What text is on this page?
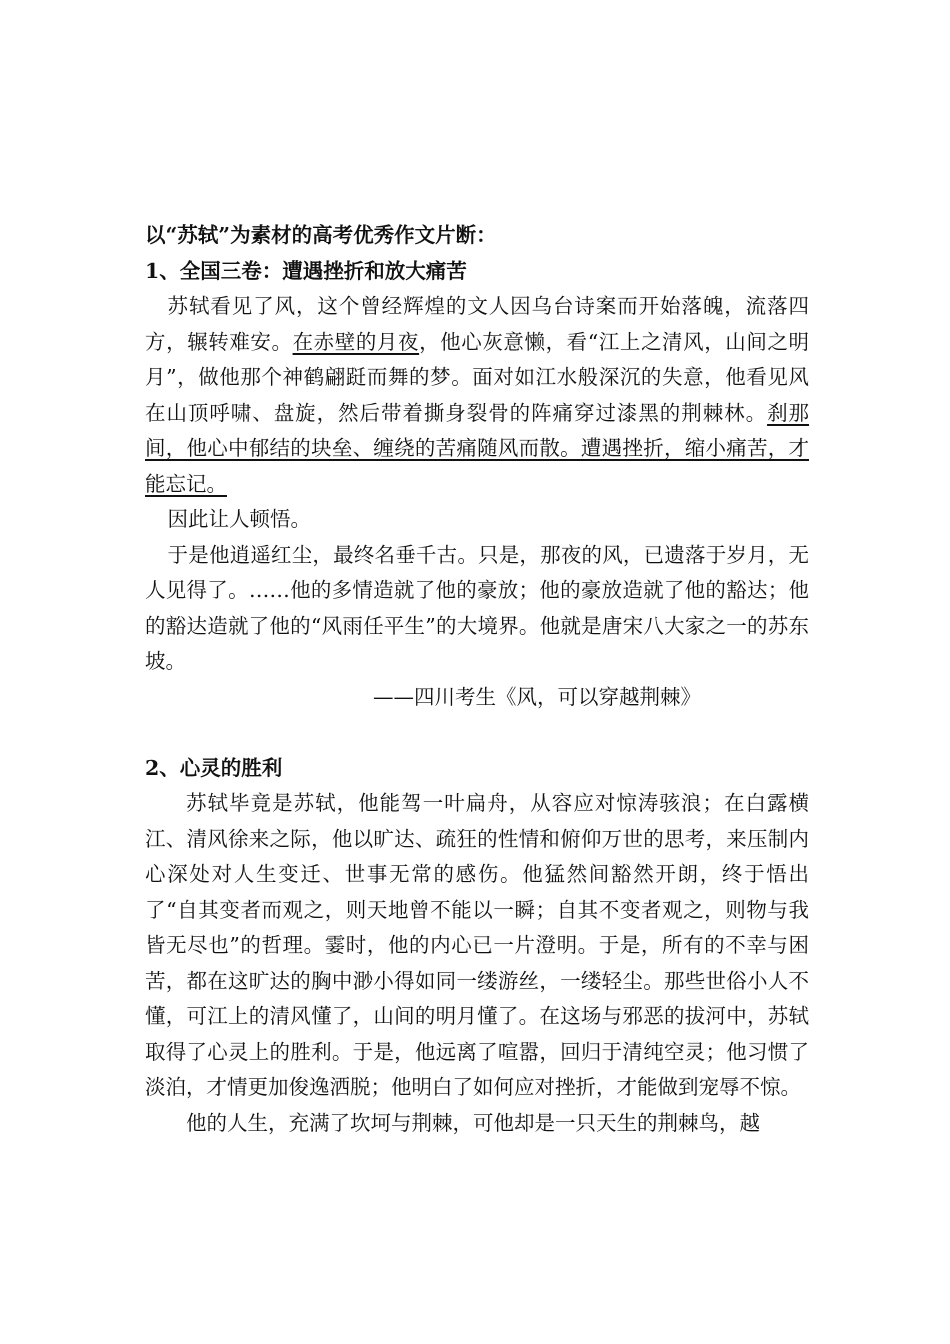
以“苏轼”为素材的高考优秀作文片断：

1、全国三卷：遭遇挫折和放大痛苦

苏轼看见了风，这个曾经辉煌的文人因乌台诗案而开始落魄，流落四方，辗转难安。在赤壁的月夜，他心灰意懒，看“江上之清风，山间之明月”，做他那个神鹤翩跹而舞的梦。面对如江水般深沉的失意，他看见风在山顶呼啸、盘旋，然后带着撕身裂骨的阵痛穿过漆黑的荆棘林。刹那间，他心中郁结的块垒、缠绕的苦痛随风而散。遭遇挫折，缩小痛苦，才能忘记。

因此让人顿悟。

于是他逍遥红尘，最终名垂千古。只是，那夜的风，已遗落于岁月，无人见得了。……他的多情造就了他的豪放；他的豪放造就了他的豁达；他的豁达造就了他的“风雨任平生”的大境界。他就是唐宋八大家之一的苏东坡。

——四川考生《风，可以穿越荆棘》

2、心灵的胜利

苏轼毕竟是苏轼，他能驾一叶扁舟，从容应对惊涛骇浪；在白露横江、清风徐来之际，他以旷达、疏狂的性情和俯仰万世的思考，来压制内心深处对人生变迁、世事无常的感伤。他猛然间豁然开朗，终于悟出了“自其变者而观之，则天地曾不能以一瞬；自其不变者观之，则物与我皆无尽也”的哲理。霎时，他的内心已一片澄明。于是，所有的不幸与困苦，都在这旷达的胸中渺小得如同一缕游丝，一缕轻尘。那些世俗小人不懂，可江上的清风懂了，山间的明月懂了。在这场与邪恶的拔河中，苏轼取得了心灵上的胜利。于是，他远离了喧嚣，回归于清纯空灵；他习惯了淡泊，才情更加俊逸洒脱；他明白了如何应对挫折，才能做到宠辱不惊。

他的人生，充满了坎坷与荆棘，可他却是一只天生的荆棘鸟，越
